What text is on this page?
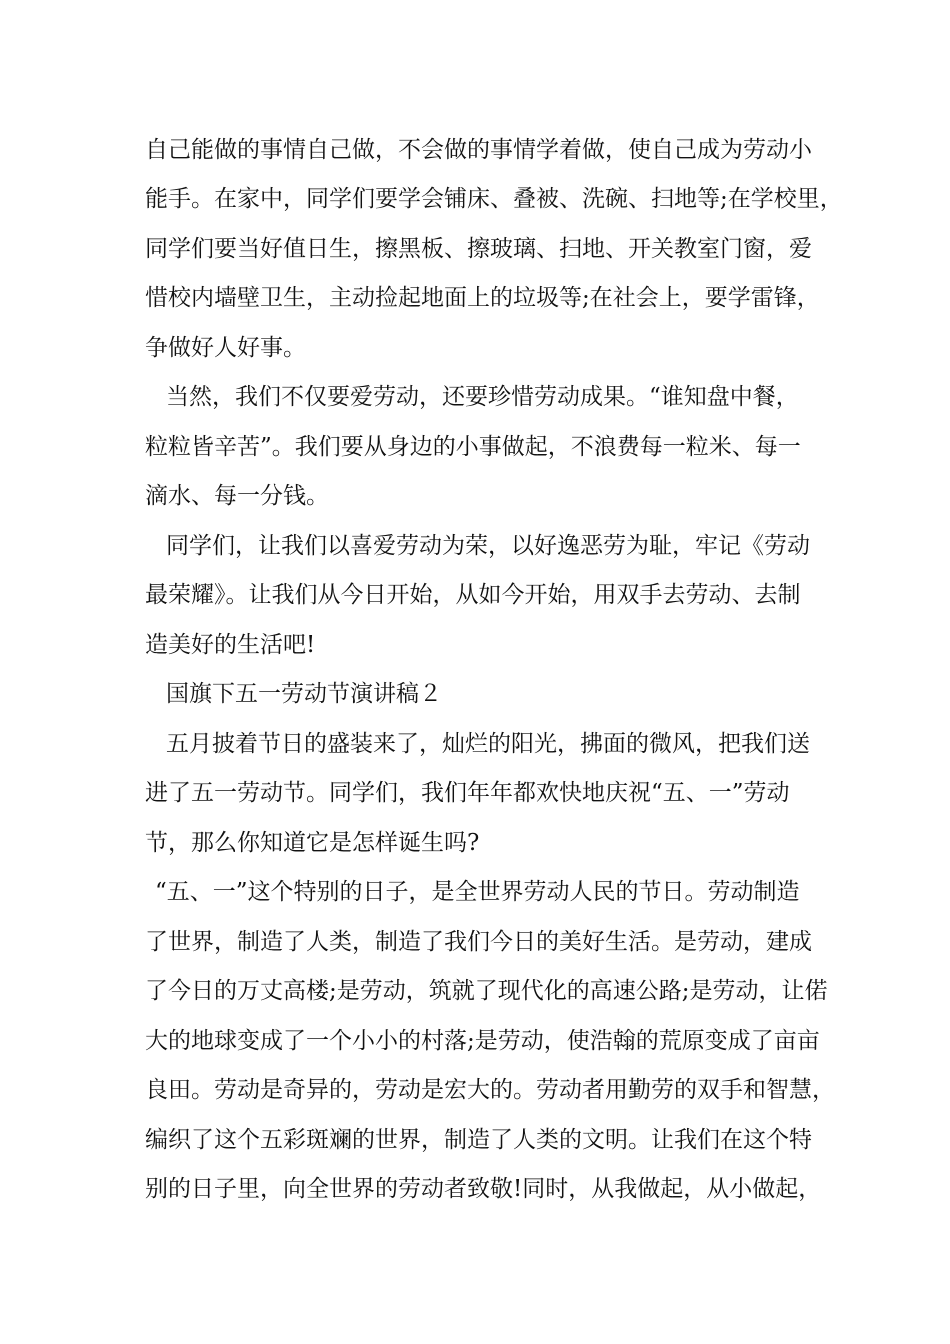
自己能做的事情自己做，不会做的事情学着做，使自己成为劳动小
能手。在家中，同学们要学会铺床、叠被、洗碗、扫地等;在学校里，
同学们要当好值日生，擦黑板、擦玻璃、扫地、开关教室门窗，爱
惜校内墙壁卫生，主动捡起地面上的垃圾等;在社会上，要学雷锋，
争做好人好事。
当然，我们不仅要爱劳动，还要珍惜劳动成果。“谁知盘中餐，
粒粒皆辛苦”。我们要从身边的小事做起，不浪费每一粒米、每一
滴水、每一分钱。
同学们，让我们以喜爱劳动为荣，以好逸恶劳为耻，牢记《劳动
最荣耀》。让我们从今日开始，从如今开始，用双手去劳动、去制
造美好的生活吧!
国旗下五一劳动节演讲稿２
五月披着节日的盛装来了，灿烂的阳光，拂面的微风，把我们送
进了五一劳动节。同学们，我们年年都欢快地庆祝“五、一”劳动
节，那么你知道它是怎样诞生吗?
“五、一”这个特别的日子，是全世界劳动人民的节日。劳动制造
了世界，制造了人类，制造了我们今日的美好生活。是劳动，建成
了今日的万丈高楼;是劳动，筑就了现代化的高速公路;是劳动，让偌
大的地球变成了一个小小的村落;是劳动，使浩翰的荒原变成了亩亩
良田。劳动是奇异的，劳动是宏大的。劳动者用勤劳的双手和智慧，
编织了这个五彩斑斓的世界，制造了人类的文明。让我们在这个特
别的日子里，向全世界的劳动者致敬!同时，从我做起，从小做起，
